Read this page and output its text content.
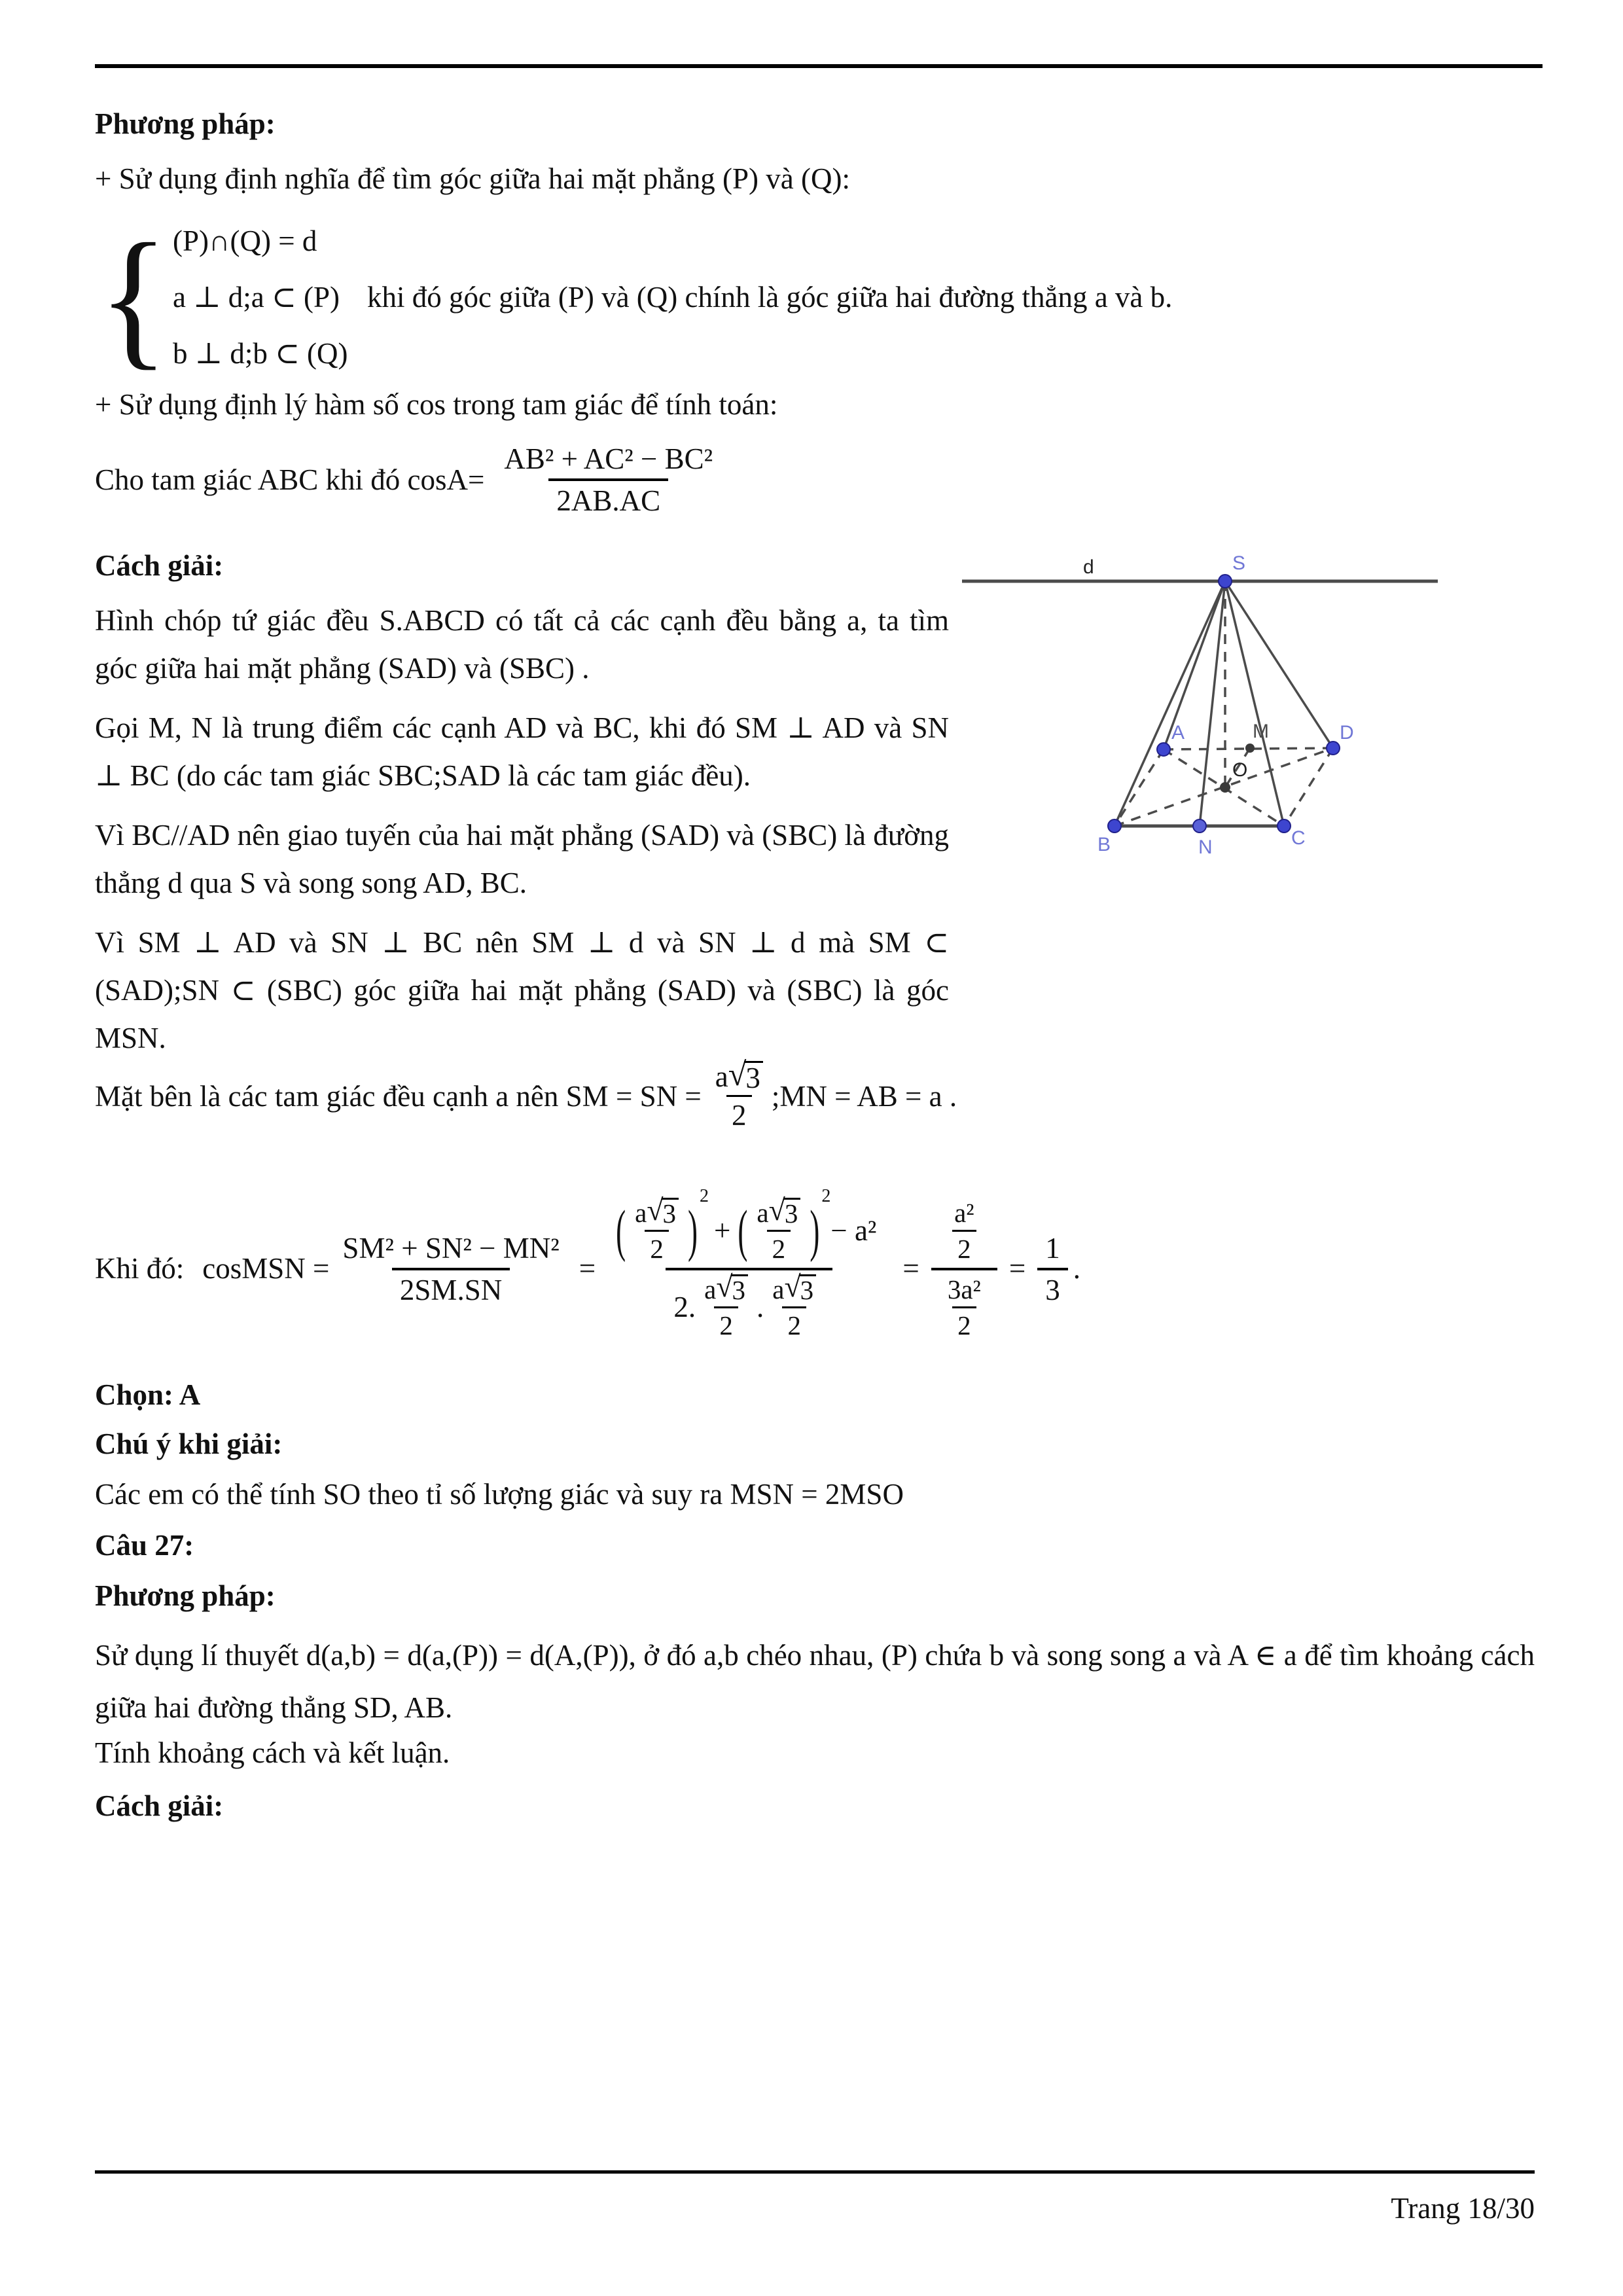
Phương pháp:
+ Sử dụng định nghĩa để tìm góc giữa hai mặt phẳng (P) và (Q):
{ (P)∩(Q) = d
a ⊥ d;a ⊂ (P) khi đó góc giữa (P) và (Q) chính là góc giữa hai đường thẳng a và b.
b ⊥ d;b ⊂ (Q)
+ Sử dụng định lý hàm số cos trong tam giác để tính toán:
Cho tam giác ABC khi đó $\cos A= \frac{\text{AB² + AC² − BC²}}{2AB.AC}$
Cách giải:

Hình chóp tứ giác đều S.ABCD có tất cả các cạnh đều bằng a, ta tìm góc giữa hai mặt phẳng (SAD) và (SBC) .

Gọi M, N là trung điểm các cạnh AD và BC, khi đó SM ⊥ AD và SN ⊥ BC (do các tam giác SBC;SAD là các tam giác đều).

Vì BC//AD nên giao tuyến của hai mặt phẳng (SAD) và (SBC) là đường thẳng d qua S và song song AD, BC.

Vì SM ⊥ AD và SN ⊥ BC nên SM ⊥ d và SN ⊥ d mà SM ⊂ (SAD);SN ⊂ (SBC) góc giữa hai mặt phẳng (SAD) và (SBC) là góc MSN.

d	S
A	M	D
O
B	N	C
Mặt bên là các tam giác đều cạnh a nên SM = SN = $\frac{a √ 3}{2}$ ;MN = AB = a .
Khi đó: cosMSN = $\frac{\text{SM² + SN² − MN²}}{2SM.SN}$ =
( $\frac{a √ 3}{2}$ )
$^2$
+ ( $\frac{a √ 3}{2}$ )
$^2$
− a²
2. $\frac{a √ 3}{2}$ . $\frac{a √ 3}{2}$
= $\frac{\frac{\text{a²}}{2}}{\frac{\text{3a²}}{2}} = \frac{1}{3}$ .
Chọn: A
Chú ý khi giải:
Các em có thể tính SO theo tỉ số lượng giác và suy ra MSN = 2MSO
Câu 27:
Phương pháp:
Sử dụng lí thuyết d(a,b) = d(a,(P)) = d(A,(P)), ở đó a,b chéo nhau, (P) chứa b và song song a và A ∈ a để tìm khoảng cách giữa hai đường thẳng SD, AB.
Tính khoảng cách và kết luận.
Cách giải:
Trang 18/30
